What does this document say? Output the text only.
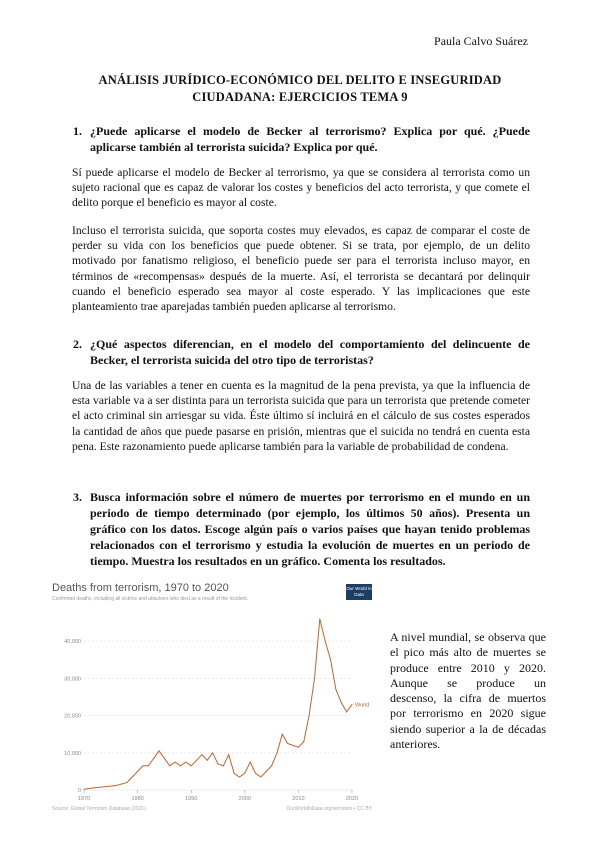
Paula Calvo Suárez
ANÁLISIS JURÍDICO-ECONÓMICO DEL DELITO E INSEGURIDAD
CIUDADANA: EJERCICIOS TEMA 9
1. ¿Puede aplicarse el modelo de Becker al terrorismo? Explica por qué. ¿Puede aplicarse también al terrorista suicida? Explica por qué.
Sí puede aplicarse el modelo de Becker al terrorismo, ya que se considera al terrorista como un sujeto racional que es capaz de valorar los costes y beneficios del acto terrorista, y que comete el delito porque el beneficio es mayor al coste.
Incluso el terrorista suicida, que soporta costes muy elevados, es capaz de comparar el coste de perder su vida con los beneficios que puede obtener. Si se trata, por ejemplo, de un delito motivado por fanatismo religioso, el beneficio puede ser para el terrorista incluso mayor, en términos de «recompensas» después de la muerte. Así, el terrorista se decantará por delinquir cuando el beneficio esperado sea mayor al coste esperado. Y las implicaciones que este planteamiento trae aparejadas también pueden aplicarse al terrorismo.
2. ¿Qué aspectos diferencian, en el modelo del comportamiento del delincuente de Becker, el terrorista suicida del otro tipo de terroristas?
Una de las variables a tener en cuenta es la magnitud de la pena prevista, ya que la influencia de esta variable va a ser distinta para un terrorista suicida que para un terrorista que pretende cometer el acto criminal sin arriesgar su vida. Éste último sí incluirá en el cálculo de sus costes esperados la cantidad de años que puede pasarse en prisión, mientras que el suicida no tendrá en cuenta esta pena. Este razonamiento puede aplicarse también para la variable de probabilidad de condena.
3. Busca información sobre el número de muertes por terrorismo en el mundo en un periodo de tiempo determinado (por ejemplo, los últimos 50 años). Presenta un gráfico con los datos. Escoge algún país o varios países que hayan tenido problemas relacionados con el terrorismo y estudia la evolución de muertes en un periodo de tiempo. Muestra los resultados en un gráfico. Comenta los resultados.
Deaths from terrorism, 1970 to 2020
Confirmed deaths, including all victims and attackers who died as a result of the incident.
Our World in Data
0
10,000
20,000
30,000
40,000
1970	1980	1990	2000	2010	2020
World
Source: Global Terrorism Database (2021)	OurWorldInData.org/terrorism • CC BY
A nivel mundial, se observa que el pico más alto de muertes se produce entre 2010 y 2020. Aunque se produce un descenso, la cifra de muertos por terrorismo en 2020 sigue siendo superior a la de décadas anteriores.
